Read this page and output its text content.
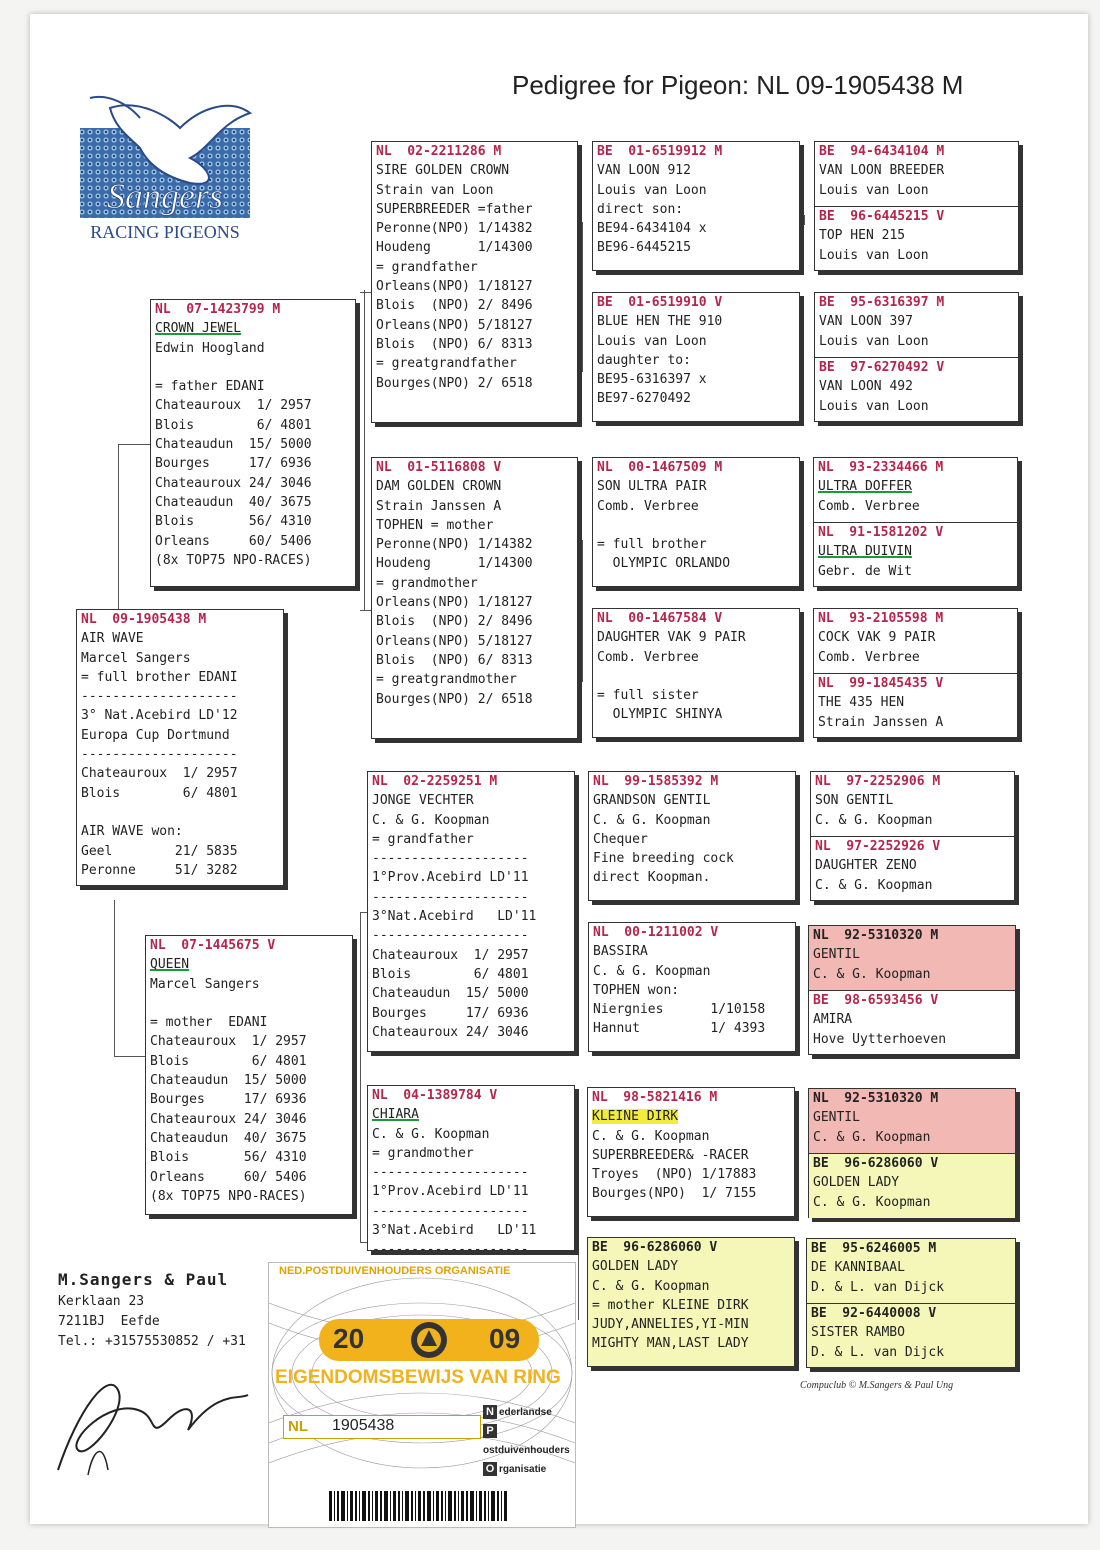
Sangers
RACING PIGEONS
Pedigree for Pigeon: NL 09-1905438 M
NL  09-1905438 M
AIR WAVE
Marcel Sangers
= full brother EDANI
--------------------
3° Nat.Acebird LD'12
Europa Cup Dortmund
--------------------
Chateauroux  1/ 2957
Blois        6/ 4801
AIR WAVE won:
Geel        21/ 5835
Peronne     51/ 3282
NL  07-1423799 M
CROWN JEWEL
Edwin Hoogland
= father EDANI
Chateauroux  1/ 2957
Blois        6/ 4801
Chateaudun  15/ 5000
Bourges     17/ 6936
Chateauroux 24/ 3046
Chateaudun  40/ 3675
Blois       56/ 4310
Orleans     60/ 5406
(8x TOP75 NPO-RACES)
NL  07-1445675 V
QUEEN
Marcel Sangers
= mother  EDANI
Chateauroux  1/ 2957
Blois        6/ 4801
Chateaudun  15/ 5000
Bourges     17/ 6936
Chateauroux 24/ 3046
Chateaudun  40/ 3675
Blois       56/ 4310
Orleans     60/ 5406
(8x TOP75 NPO-RACES)
NL  02-2211286 M
SIRE GOLDEN CROWN
Strain van Loon
SUPERBREEDER =father
Peronne(NPO) 1/14382
Houdeng      1/14300
= grandfather
Orleans(NPO) 1/18127
Blois  (NPO) 2/ 8496
Orleans(NPO) 5/18127
Blois  (NPO) 6/ 8313
= greatgrandfather
Bourges(NPO) 2/ 6518
NL  01-5116808 V
DAM GOLDEN CROWN
Strain Janssen A
TOPHEN = mother
Peronne(NPO) 1/14382
Houdeng      1/14300
= grandmother
Orleans(NPO) 1/18127
Blois  (NPO) 2/ 8496
Orleans(NPO) 5/18127
Blois  (NPO) 6/ 8313
= greatgrandmother
Bourges(NPO) 2/ 6518
NL  02-2259251 M
JONGE VECHTER
C. & G. Koopman
= grandfather
--------------------
1°Prov.Acebird LD'11
--------------------
3°Nat.Acebird   LD'11
--------------------
Chateauroux  1/ 2957
Blois        6/ 4801
Chateaudun  15/ 5000
Bourges     17/ 6936
Chateauroux 24/ 3046
NL  04-1389784 V
CHIARA
C. & G. Koopman
= grandmother
--------------------
1°Prov.Acebird LD'11
--------------------
3°Nat.Acebird   LD'11
--------------------
BE  01-6519912 M
VAN LOON 912
Louis van Loon
direct son:
BE94-6434104 x
BE96-6445215
BE  01-6519910 V
BLUE HEN THE 910
Louis van Loon
daughter to:
BE95-6316397 x
BE97-6270492
NL  00-1467509 M
SON ULTRA PAIR
Comb. Verbree
= full brother
OLYMPIC ORLANDO
NL  00-1467584 V
DAUGHTER VAK 9 PAIR
Comb. Verbree
= full sister
OLYMPIC SHINYA
NL  99-1585392 M
GRANDSON GENTIL
C. & G. Koopman
Chequer
Fine breeding cock
direct Koopman.
NL  00-1211002 V
BASSIRA
C. & G. Koopman
TOPHEN won:
Niergnies      1/10158
Hannut         1/ 4393
NL  98-5821416 M
KLEINE DIRK
C. & G. Koopman
SUPERBREEDER& -RACER
Troyes  (NPO) 1/17883
Bourges(NPO)  1/ 7155
BE  96-6286060 V
GOLDEN LADY
C. & G. Koopman
= mother KLEINE DIRK
JUDY,ANNELIES,YI-MIN
MIGHTY MAN,LAST LADY
BE  94-6434104 M
VAN LOON BREEDER
Louis van Loon
BE  96-6445215 V
TOP HEN 215
Louis van Loon
BE  95-6316397 M
VAN LOON 397
Louis van Loon
BE  97-6270492 V
VAN LOON 492
Louis van Loon
NL  93-2334466 M
ULTRA DOFFER
Comb. Verbree
NL  91-1581202 V
ULTRA DUIVIN
Gebr. de Wit
NL  93-2105598 M
COCK VAK 9 PAIR
Comb. Verbree
NL  99-1845435 V
THE 435 HEN
Strain Janssen A
NL  97-2252906 M
SON GENTIL
C. & G. Koopman
NL  97-2252926 V
DAUGHTER ZENO
C. & G. Koopman
NL  92-5310320 M
GENTIL
C. & G. Koopman
BE  98-6593456 V
AMIRA
Hove Uytterhoeven
NL  92-5310320 M
GENTIL
C. & G. Koopman
BE  96-6286060 V
GOLDEN LADY
C. & G. Koopman
BE  95-6246005 M
DE KANNIBAAL
D. & L. van Dijck
BE  92-6440008 V
SISTER RAMBO
D. & L. van Dijck
M.Sangers & Paul
Kerklaan 23
7211BJ  Eefde
Tel.: +31575530852 / +31
NED.POSTDUIVENHOUDERS ORGANISATIE
20	09
EIGENDOMSBEWIJS VAN RING
NL 1905438
N ederlandse
Postduivenhouders
O rganisatie
Compuclub © M.Sangers & Paul Ung
